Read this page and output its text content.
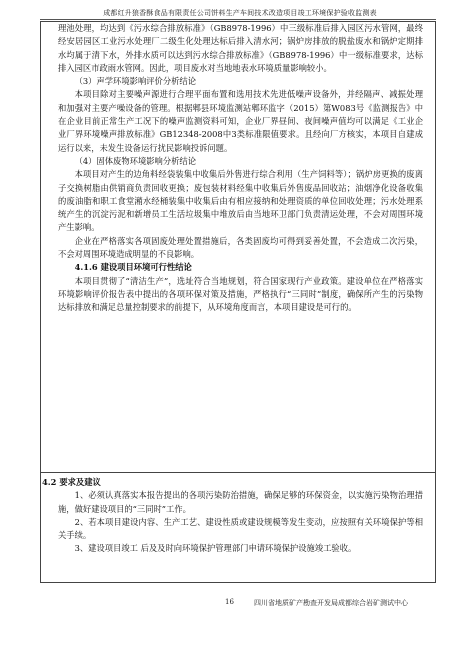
成都红升狼香酥食品有限责任公司饼料生产车间技术改造项目竣工环境保护验收监测表

理池处理，均达到《污水综合排放标准》（GB8978-1996）中三级标准后排入园区污水管网，最终经安居园区工业污水处理厂二级生化处理达标后排入清水河；锅炉房排放的脱盐废水和锅炉定期排水均属于清下水，外排水质可以达到污水综合排放标准》（GB8978-1996）中一级标准要求，达标排入园区市政雨水管网。因此，项目废水对当地地表水环境质量影响较小。

（3）声学环境影响评价分析结论

本项目除对主要噪声源进行合理平面布置和选用技术先进低噪声设备外，并经隔声、减振处理和加强对主要产噪设备的管理。根据郫县环境监测站郫环监字（2015）第W083号《监测报告》中在企业目前正常生产工况下的噪声监测资料可知，企业厂界昼间、夜间噪声值均可以满足《工业企业厂界环境噪声排放标准》GB12348-2008中3类标准限值要求。且经向厂方核实，本项目自建成运行以来，未发生设备运行扰民影响投诉问题。

（4）固体废物环境影响分析结论

本项目对产生的边角料经袋装集中收集后外售进行综合利用（生产饲料等）；锅炉房更换的废离子交换树脂由供销商负责回收更换；废包装材料经集中收集后外售废品回收站；油烟净化设备收集的废油脂和职工食堂潲水经桶装集中收集后由有相应接纳和处理资质的单位回收处理；污水处理系统产生的沉淀污泥和新增员工生活垃圾集中堆放后由当地环卫部门负责清运处理，不会对周围环境产生影响。

企业在严格落实各项固废处理处置措施后，各类固废均可得到妥善处置，不会造成二次污染，不会对周围环境造成明显的不良影响。

4.1.6 建设项目环境可行性结论

本项目贯彻了“清洁生产”，选址符合当地规划，符合国家现行产业政策。建设单位在严格落实环境影响评价报告表中提出的各项环保对策及措施，严格执行“三同时”制度，确保所产生的污染物达标排放和满足总量控制要求的前提下，从环境角度而言，本项目建设是可行的。

4.2 要求及建议

1、必须认真落实本报告提出的各项污染防治措施，确保足够的环保资金，以实施污染物治理措施，做好建设项目的“三同时”工作。

2、若本项目建设内容、生产工艺、建设性质或建设规模等发生变动，应按照有关环境保护等相关手续。

3、建设项目竣工 后及及时向环境保护管理部门申请环境保护设施竣工验收。

16	四川省地质矿产勘查开发局成都综合岩矿测试中心
